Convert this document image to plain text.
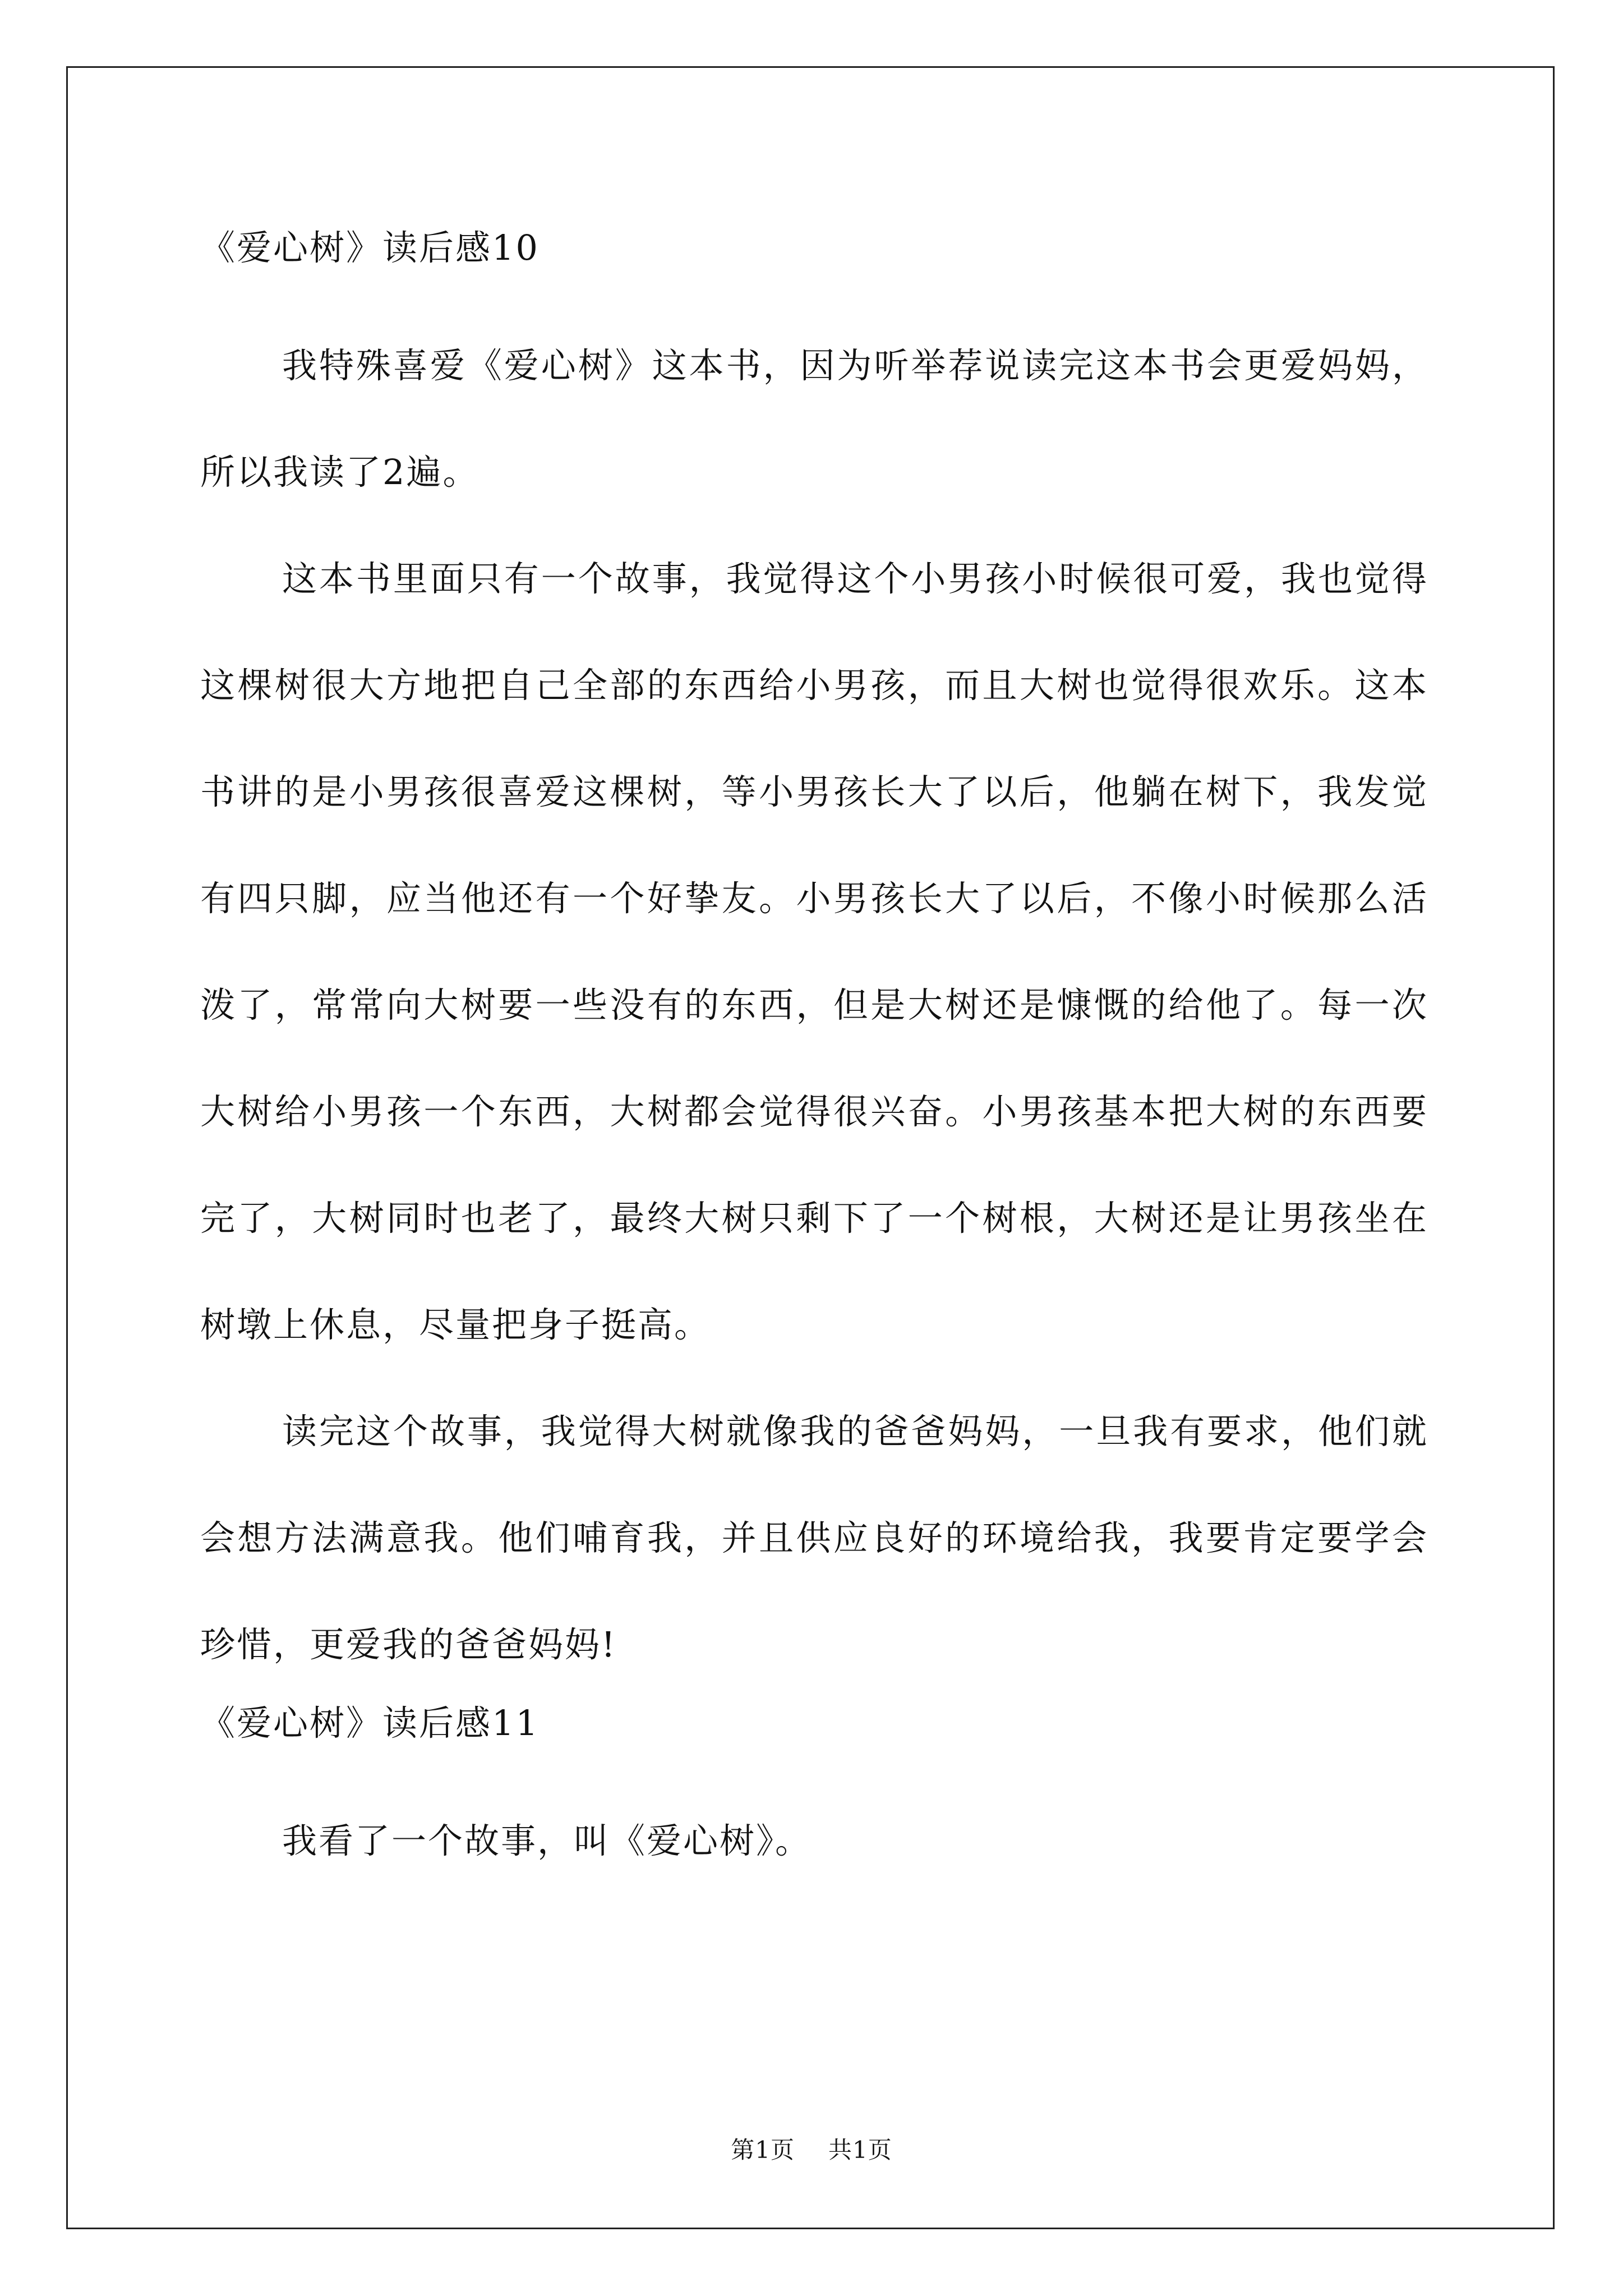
《爱心树》读后感10

我特殊喜爱《爱心树》这本书，因为听举荐说读完这本书会更爱妈妈，所以我读了2遍。

这本书里面只有一个故事，我觉得这个小男孩小时候很可爱，我也觉得这棵树很大方地把自己全部的东西给小男孩，而且大树也觉得很欢乐。这本书讲的是小男孩很喜爱这棵树，等小男孩长大了以后，他躺在树下，我发觉有四只脚，应当他还有一个好挚友。小男孩长大了以后，不像小时候那么活泼了，常常向大树要一些没有的东西，但是大树还是慷慨的给他了。每一次大树给小男孩一个东西，大树都会觉得很兴奋。小男孩基本把大树的东西要完了，大树同时也老了，最终大树只剩下了一个树根，大树还是让男孩坐在树墩上休息，尽量把身子挺高。

读完这个故事，我觉得大树就像我的爸爸妈妈，一旦我有要求，他们就会想方法满意我。他们哺育我，并且供应良好的环境给我，我要肯定要学会珍惜，更爱我的爸爸妈妈!

《爱心树》读后感11

我看了一个故事，叫《爱心树》。

第1页 共1页
